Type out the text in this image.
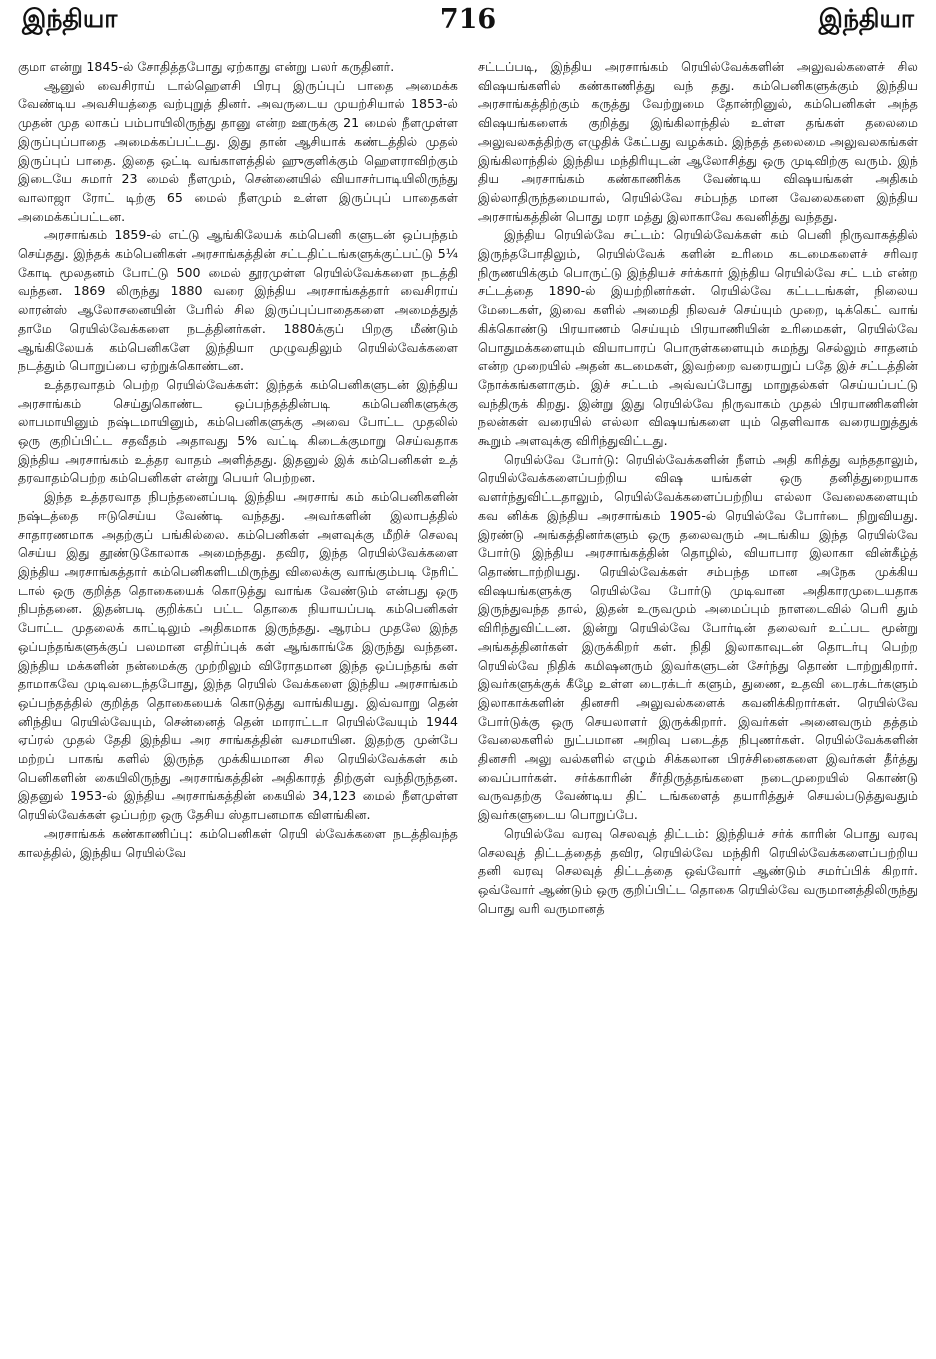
இந்தியா	716	இந்தியா

குமா என்று 1845-ல் சோதித்தபோது ஏற்காது என்று பலர் கருதினர்.

ஆனுல் வைசிராய் டால்ஹெளசி பிரபு இருப்புப் பாதை அமைக்க வேண்டிய அவசியத்தை வற்புறுத் தினர். அவருடைய முயற்சியால் 1853-ல் முதன் முத லாகப் பம்பாயிலிருந்து தானு என்ற ஊருக்கு 21 மைல் நீளமுள்ள இருப்புப்பாதை அமைக்கப்பட்டது. இது தான் ஆசியாக் கண்டத்தில் முதல் இருப்புப் பாதை. இதை ஒட்டி வங்காளத்தில் ஹுகுளிக்கும் ஹௌராவிற்கும் இடையே சுமார் 23 மைல் நீளமும், சென்னையில் வியாசர்பாடியிலிருந்து வாலாஜா ரோட் டிற்கு 65 மைல் நீளமும் உள்ள இருப்புப் பாதைகள் அமைக்கப்பட்டன.

அரசாங்கம் 1859-ல் எட்டு ஆங்கிலேயக் கம்பெனி களுடன் ஒப்பந்தம் செய்தது. இந்தக் கம்பெனிகள் அரசாங்கத்தின் சட்டதிட்டங்களுக்குட்பட்டு 5¼ கோடி மூலதனம் போட்டு 500 மைல் தூரமுள்ள ரெயில்வேக்களை நடத்தி வந்தன. 1869 லிருந்து 1880 வரை இந்திய அரசாங்கத்தார் வைசிராய் லாரன்ஸ் ஆலோசனையின் பேரில் சில இருப்புப்பாதைகளை அமைத்துத் தாமே ரெயில்வேக்களை நடத்தினர்கள். 1880க்குப் பிறகு மீண்டும் ஆங்கிலேயக் கம்பெனிகளே இந்தியா முழுவதிலும் ரெயில்வேக்களை நடத்தும் பொறுப்பை ஏற்றுக்கொண்டன.

உத்தரவாதம் பெற்ற ரெயில்வேக்கள்: இந்தக் கம்பெனிகளுடன் இந்திய அரசாங்கம் செய்துகொண்ட ஒப்பந்தத்தின்படி கம்பெனிகளுக்கு லாபமாயினும் நஷ்டமாயினும், கம்பெனிகளுக்கு அவை போட்ட முதலில் ஒரு குறிப்பிட்ட சதவீதம் அதாவது 5% வட்டி கிடைக்குமாறு செய்வதாக இந்திய அரசாங்கம் உத்தர வாதம் அளித்தது. இதனுல் இக் கம்பெனிகள் உத் தரவாதம்பெற்ற கம்பெனிகள் என்று பெயர் பெற்றன.

இந்த உத்தரவாத நிபந்தனைப்படி இந்திய அரசாங் கம் கம்பெனிகளின் நஷ்டத்தை ஈடுசெய்ய வேண்டி வந்தது. அவர்களின் இலாபத்தில் சாதாரணமாக அதற்குப் பங்கில்லை. கம்பெனிகள் அளவுக்கு மீறிச் செலவு செய்ய இது தூண்டுகோலாக அமைந்தது. தவிர, இந்த ரெயில்வேக்களை இந்திய அரசாங்கத்தார் கம்பெனிகளிடமிருந்து விலைக்கு வாங்கும்படி நேரிட் டால் ஒரு குறித்த தொகையைக் கொடுத்து வாங்க வேண்டும் என்பது ஒரு நிபந்தனை. இதன்படி குறிக்கப் பட்ட தொகை நியாயப்படி கம்பெனிகள் போட்ட முதலைக் காட்டிலும் அதிகமாக இருந்தது. ஆரம்ப முதலே இந்த ஒப்பந்தங்களுக்குப் பலமான எதிர்ப்புக் கள் ஆங்காங்கே இருந்து வந்தன. இந்திய மக்களின் நன்மைக்கு முற்றிலும் விரோதமான இந்த ஒப்பந்தங் கள் தாமாகவே முடிவடைந்தபோது, இந்த ரெயில் வேக்களை இந்திய அரசாங்கம் ஒப்பந்தத்தில் குறித்த தொகையைக் கொடுத்து வாங்கியது. இவ்வாறு தென் னிந்திய ரெயில்வேயும், சென்னைத் தென் மாராட்டா ரெயில்வேயும் 1944 ஏப்ரல் முதல் தேதி இந்திய அர சாங்கத்தின் வசமாயின. இதற்கு முன்பே மற்றப் பாகங் களில் இருந்த முக்கியமான சில ரெயில்வேக்கள் கம் பெனிகளின் கையிலிருந்து அரசாங்கத்தின் அதிகாரத் திற்குள் வந்திருந்தன. இதனுல் 1953-ல் இந்திய அரசாங்கத்தின் கையில் 34,123 மைல் நீளமுள்ள ரெயில்வேக்கள் ஒப்பற்ற ஒரு தேசிய ஸ்தாபனமாக விளங்கின.

அரசாங்கக் கண்காணிப்பு: கம்பெனிகள் ரெயி ல்வேக்களை நடத்திவந்த காலத்தில், இந்திய ரெயில்வே

சட்டப்படி, இந்திய அரசாங்கம் ரெயில்வேக்களின் அலுவல்களைச் சில விஷயங்களில் கண்காணித்து வந் தது. கம்பெனிகளுக்கும் இந்திய அரசாங்கத்திற்கும் கருத்து வேற்றுமை தோன்றினுல், கம்பெனிகள் அந்த விஷயங்களைக் குறித்து இங்கிலாந்தில் உள்ள தங்கள் தலைமை அலுவலகத்திற்கு எழுதிக் கேட்பது வழக்கம். இந்தத் தலைமை அலுவலகங்கள் இங்கிலாந்தில் இந்திய மந்திரியுடன் ஆலோசித்து ஒரு முடிவிற்கு வரும். இந் திய அரசாங்கம் கண்காணிக்க வேண்டிய விஷயங்கள் அதிகம் இல்லாதிருந்தமையால், ரெயில்வே சம்பந்த மான வேலைகளை இந்திய அரசாங்கத்தின் பொது மரா மத்து இலாகாவே கவனித்து வந்தது.

இந்திய ரெயில்வே சட்டம்: ரெயில்வேக்கள் கம் பெனி நிருவாகத்தில் இருந்தபோதிலும், ரெயில்வேக் களின் உரிமை கடமைகளைச் சரிவர நிருணயிக்கும் பொருட்டு இந்தியச் சர்க்கார் இந்திய ரெயில்வே சட் டம் என்ற சட்டத்தை 1890-ல் இயற்றினர்கள். ரெயில்வே கட்டடங்கள், நிலைய மேடைகள், இவை களில் அமைதி நிலவச் செய்யும் முறை, டிக்கெட் வாங் கிக்கொண்டு பிரயாணம் செய்யும் பிரயாணியின் உரிமைகள், ரெயில்வே பொதுமக்களையும் வியாபாரப் பொருள்களையும் சுமந்து செல்லும் சாதனம் என்ற முறையில் அதன் கடமைகள், இவற்றை வரையறுப் பதே இச் சட்டத்தின் நோக்கங்களாகும். இச் சட்டம் அவ்வப்போது மாறுதல்கள் செய்யப்பட்டு வந்திருக் கிறது. இன்று இது ரெயில்வே நிருவாகம் முதல் பிரயாணிகளின் நலன்கள் வரையில் எல்லா விஷயங்களை யும் தெளிவாக வரையறுத்துக் கூறும் அளவுக்கு விரிந்துவிட்டது.

ரெயில்வே போர்டு: ரெயில்வேக்களின் நீளம் அதி கரித்து வந்ததாலும், ரெயில்வேக்களைப்பற்றிய விஷ யங்கள் ஒரு தனித்துறையாக வளர்ந்துவிட்டதாலும், ரெயில்வேக்களைப்பற்றிய எல்லா வேலைகளையும் கவ னிக்க இந்திய அரசாங்கம் 1905-ல் ரெயில்வே போர்டை நிறுவியது. இரண்டு அங்கத்தினர்களும் ஒரு தலைவரும் அடங்கிய இந்த ரெயில்வே போர்டு இந்திய அரசாங்கத்தின் தொழில், வியாபார இலாகா வின்கீழ்த் தொண்டாற்றியது. ரெயில்வேக்கள் சம்பந்த மான அநேக முக்கிய விஷயங்களுக்கு ரெயில்வே போர்டு முடிவான அதிகாரமுடையதாக இருந்துவந்த தால், இதன் உருவமும் அமைப்பும் நாளடைவில் பெரி தும் விரிந்துவிட்டன. இன்று ரெயில்வே போர்டின் தலைவர் உட்பட மூன்று அங்கத்தினர்கள் இருக்கிறர் கள். நிதி இலாகாவுடன் தொடர்பு பெற்ற ரெயில்வே நிதிக் கமிஷனரும் இவர்களுடன் சேர்ந்து தொண் டாற்றுகிறார். இவர்களுக்குக் கீழே உள்ள டைரக்டர் களும், துணை, உதவி டைரக்டர்களும் இலாகாக்களின் தினசரி அலுவல்களைக் கவனிக்கிறார்கள். ரெயில்வே போர்டுக்கு ஒரு செயலாளர் இருக்கிறார். இவர்கள் அனைவரும் தத்தம் வேலைகளில் நுட்பமான அறிவு படைத்த நிபுணர்கள். ரெயில்வேக்களின் தினசரி அலு வல்களில் எழும் சிக்கலான பிரச்சினைகளை இவர்கள் தீர்த்து வைப்பார்கள். சர்க்காரின் சீர்திருத்தங்களை நடைமுறையில் கொண்டு வருவதற்கு வேண்டிய திட் டங்களைத் தயாரித்துச் செயல்படுத்துவதும் இவர்களுடைய பொறுப்பே.

ரெயில்வே வரவு செலவுத் திட்டம்: இந்தியச் சர்க் காரின் பொது வரவு செலவுத் திட்டத்தைத் தவிர, ரெயில்வே மந்திரி ரெயில்வேக்களைப்பற்றிய தனி வரவு செலவுத் திட்டத்தை ஒவ்வோர் ஆண்டும் சமர்ப்பிக் கிறார். ஒவ்வோர் ஆண்டும் ஒரு குறிப்பிட்ட தொகை ரெயில்வே வருமானத்திலிருந்து பொது வரி வருமானத்
